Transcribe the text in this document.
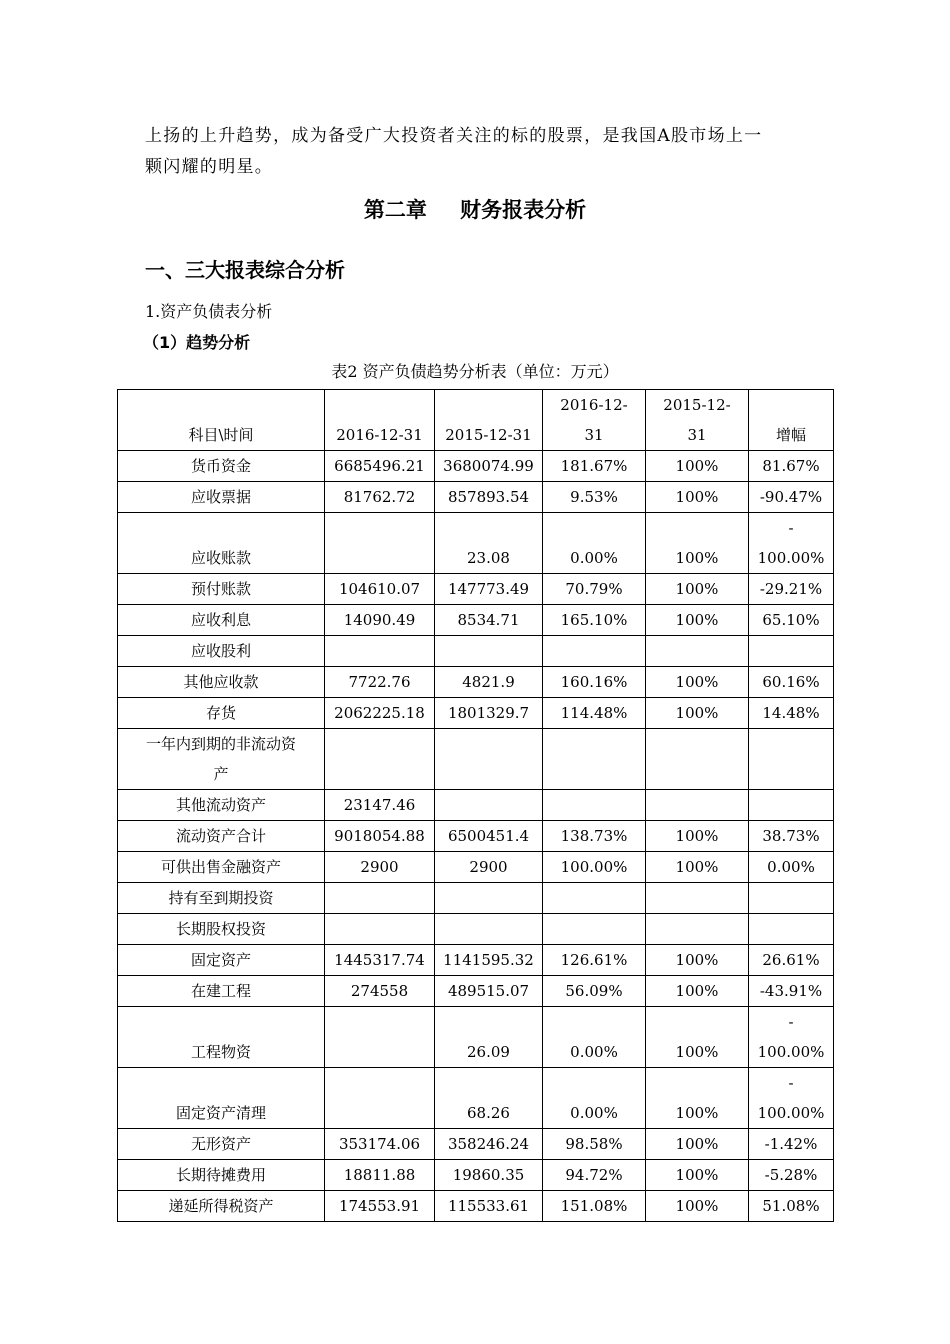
上扬的上升趋势，成为备受广大投资者关注的标的股票，是我国A股市场上一
颗闪耀的明星。
第二章 财务报表分析
一、三大报表综合分析
1.资产负债表分析
（1）趋势分析
表2 资产负债趋势分析表（单位：万元）
科目\时间	2016-12-31	2015-12-31	2016-12-
31	2015-12-
31	增幅
货币资金	6685496.21	3680074.99	181.67%	100%	81.67%
应收票据	81762.72	857893.54	9.53%	100%	-90.47%
应收账款		23.08	0.00%	100%	-
100.00%

预付账款	104610.07	147773.49	70.79%	100%	-29.21%
应收利息	14090.49	8534.71	165.10%	100%	65.10%
应收股利					
其他应收款	7722.76	4821.9	160.16%	100%	60.16%
存货	2062225.18	1801329.7	114.48%	100%	14.48%

一年内到期的非流动资
产					

其他流动资产	23147.46				
流动资产合计	9018054.88	6500451.4	138.73%	100%	38.73%
可供出售金融资产	2900	2900	100.00%	100%	0.00%
持有至到期投资					
长期股权投资					
固定资产	1445317.74	1141595.32	126.61%	100%	26.61%
在建工程	274558	489515.07	56.09%	100%	-43.91%
工程物资		26.09	0.00%	100%	-
100.00%

固定资产清理		68.26	0.00%	100%	-
100.00%

无形资产	353174.06	358246.24	98.58%	100%	-1.42%
长期待摊费用	18811.88	19860.35	94.72%	100%	-5.28%
递延所得税资产	174553.91	115533.61	151.08%	100%	51.08%
